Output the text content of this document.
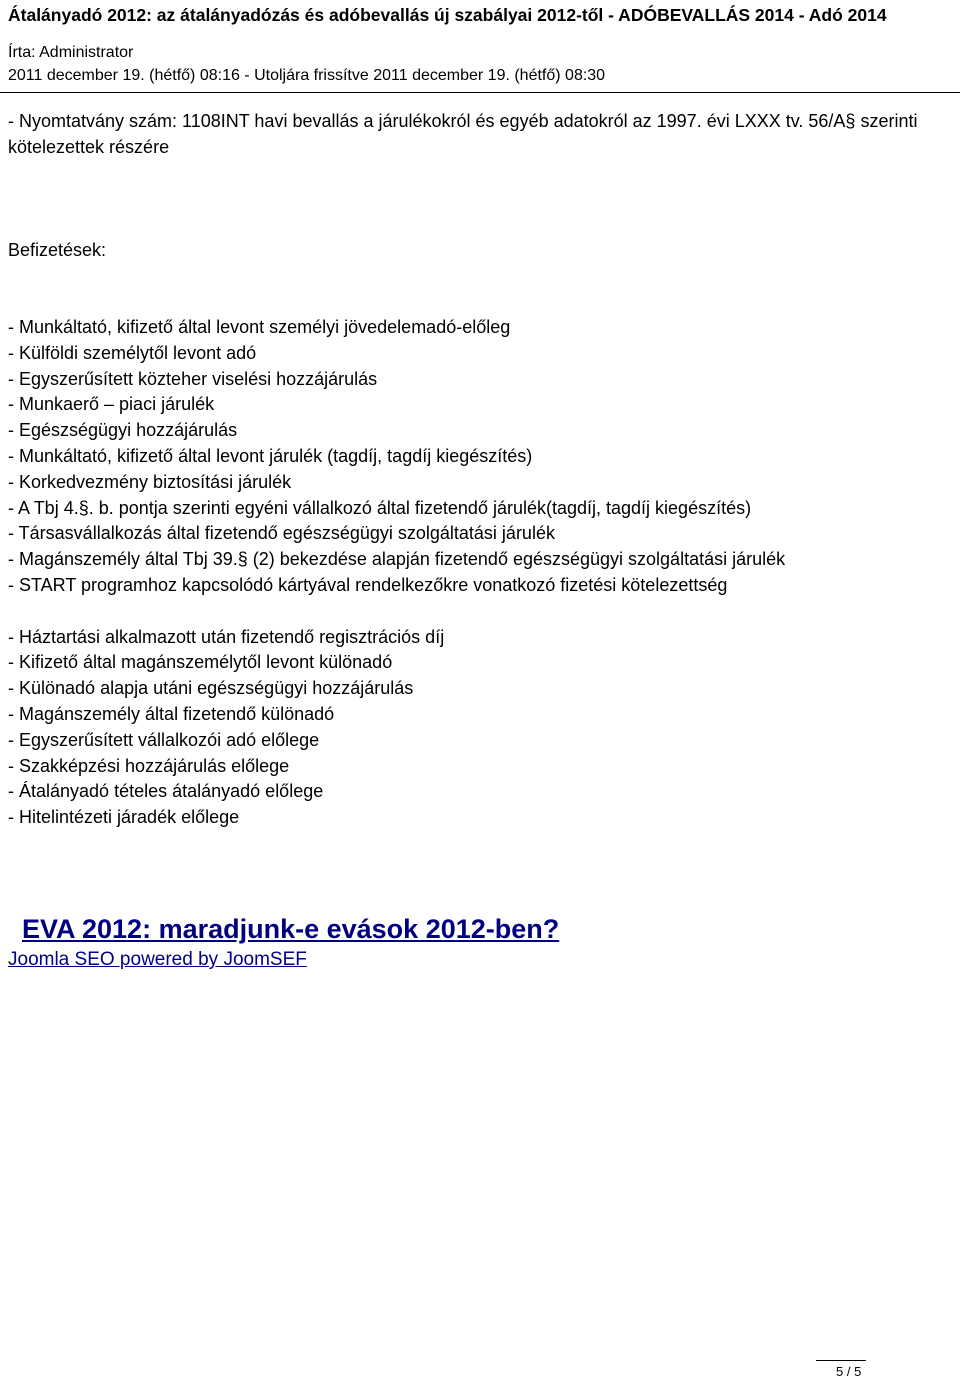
Átalányadó 2012: az átalányadózás és adóbevallás új szabályai 2012-től - ADÓBEVALLÁS 2014 - Adó 2014
Írta: Administrator
2011 december 19. (hétfő) 08:16 - Utoljára frissítve 2011 december 19. (hétfő) 08:30

- Nyomtatvány szám: 1108INT havi bevallás a járulékokról és egyéb adatokról az 1997. évi LXXX tv. 56/A§ szerinti kötelezettek részére

Befizetések:

- Munkáltató, kifizető által levont személyi jövedelemadó-előleg

- Külföldi személytől levont adó

- Egyszerűsített közteher viselési hozzájárulás

- Munkaerő – piaci járulék

- Egészségügyi hozzájárulás

- Munkáltató, kifizető által levont járulék (tagdíj, tagdíj kiegészítés)

- Korkedvezmény biztosítási járulék

- A Tbj 4.§. b. pontja szerinti egyéni vállalkozó által fizetendő járulék(tagdíj, tagdíj kiegészítés)

- Társasvállalkozás által fizetendő egészségügyi szolgáltatási járulék

- Magánszemély által Tbj 39.§ (2) bekezdése alapján fizetendő egészségügyi szolgáltatási járulék

- START programhoz kapcsolódó kártyával rendelkezőkre vonatkozó fizetési kötelezettség

- Háztartási alkalmazott után fizetendő regisztrációs díj

- Kifizető által magánszemélytől levont különadó

- Különadó alapja utáni egészségügyi hozzájárulás

- Magánszemély által fizetendő különadó

- Egyszerűsített vállalkozói adó előlege

- Szakképzési hozzájárulás előlege

- Átalányadó tételes átalányadó előlege

- Hitelintézeti járadék előlege

EVA 2012: maradjunk-e evások 2012-ben?
Joomla SEO powered by JoomSEF
5 / 5
